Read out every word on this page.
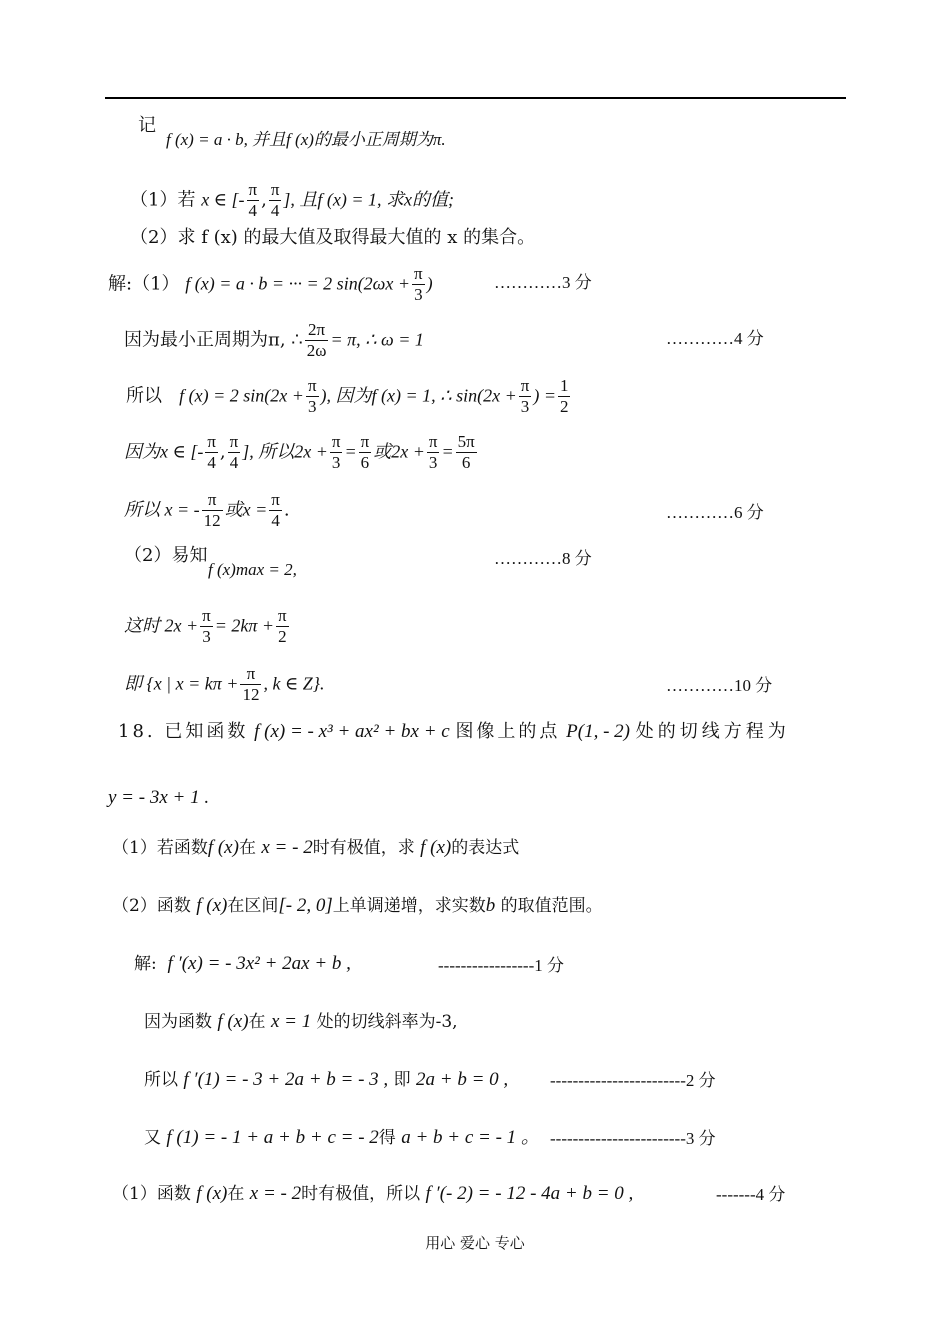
记
f (x) = a · b, 并且f (x)的最小正周期为π.
（1）若 x ∈ [- $\frac{\pi}{4}$ , $\frac{\pi}{4}$ ], 且f (x) = 1, 求x的值;
（2）求 f (x) 的最大值及取得最大值的 x 的集合。
解:（1） f (x) = a · b = ··· = 2 $\sin(2\omega x + \frac{\pi}{3}$ )	…………3 分
因为最小正周期为π, ∴ $\frac{2\pi}{2\omega} = \pi$, ∴ ω = 1	…………4 分
所以 f (x) = 2 $\sin(2x + \frac{\pi}{3}$ ), 因为f (x) = 1, ∴ $\sin(2x + \frac{\pi}{3}$ ) = $\frac{1}{2}$
因为x ∈ [- $\frac{\pi}{4}$ , $\frac{\pi}{4}$ ], 所以$2x + \frac{\pi}{3} = \frac{\pi}{6}$ 或$2x + \frac{\pi}{3} = \frac{5\pi}{6}$
所以 x = - $\frac{\pi}{12}$ 或$x = \frac{\pi}{4}$ .	…………6 分
（2）易知
f (x)max = 2,
…………8 分
这时 $2x + \frac{\pi}{3} = 2k\pi + \frac{\pi}{2}$
即 {x | $x = k\pi + \frac{\pi}{12}$ , k ∈ Z}.	…………10 分
18. 已知函数 f (x) = - x³ + ax² + bx + c 图像上的点 P(1, - 2) 处的切线方程为
y = - 3x + 1 .
（1）若函数f (x)在 x = - 2时有极值，求 f (x)的表达式
（2）函数 f (x)在区间[- 2, 0]上单调递增，求实数b 的取值范围。
解: f ′(x) = - 3x² + 2ax + b ,	-----------------1 分
因为函数 f (x)在 x = 1 处的切线斜率为-3,
所以 f ′(1) = - 3 + 2a + b = - 3 , 即 2a + b = 0 , ------------------------2 分
又 f (1) = - 1 + a + b + c = - 2得 a + b + c = - 1 。 ------------------------3 分
（1）函数 f (x)在 x = - 2时有极值，所以 f ′(- 2) = - 12 - 4a + b = 0 ,	-------4 分
用心 爱心 专心
